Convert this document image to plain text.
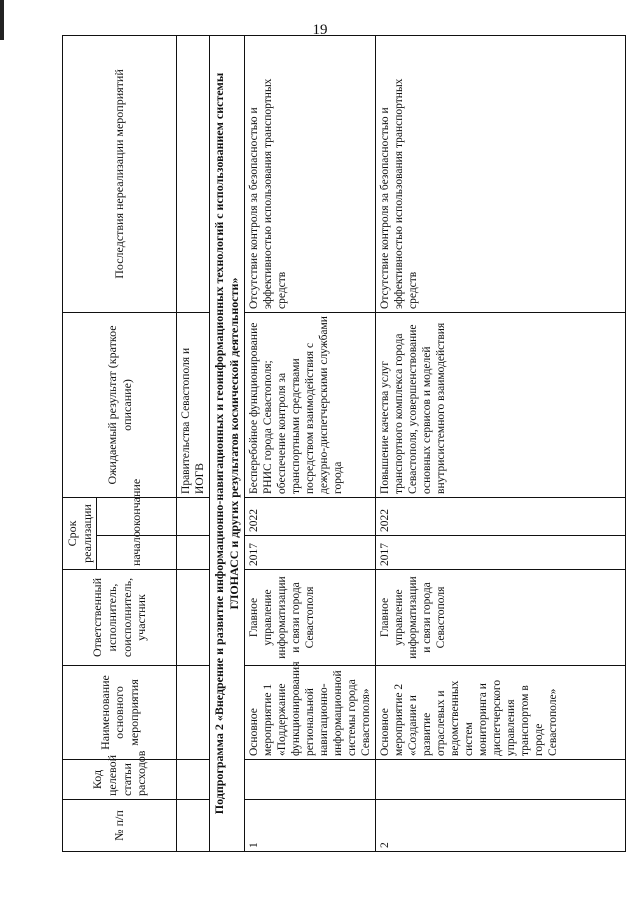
19
№ п/п	Код целевой статьи расходов	Наименование основного мероприятия	Ответственный исполнитель, соисполнитель, участник	Срок реализации		Ожидаемый результат (краткое описание)	Последствия нереализации мероприятий
				начало	окончание		
						Правительства Севастополя и ИОГВ	
Подпрограмма 2 «Внедрение и развитие информационно-навигационных и геоинформационных технологий с использованием системы ГЛОНАСС и других результатов космической деятельности»							
1		Основное мероприятие 1 «Поддержание функционирования региональной навигационно-информационной системы города Севастополя»	Главное управление информатизации и связи города Севастополя	2017	2022	Бесперебойное функционирование РНИС города Севастополя; обеспечение контроля за транспортными средствами посредством взаимодействия с дежурно-диспетчерскими службами города	Отсутствие контроля за безопасностью и эффективностью использования транспортных средств
2		Основное мероприятие 2 «Создание и развитие отраслевых и ведомственных систем мониторинга и диспетчерского управления транспортом в городе Севастополе»	Главное управление информатизации и связи города Севастополя	2017	2022	Повышение качества услуг транспортного комплекса города Севастополя, усовершенствование основных сервисов и моделей внутрисистемного взаимодействия	Отсутствие контроля за безопасностью и эффективностью использования транспортных средств
